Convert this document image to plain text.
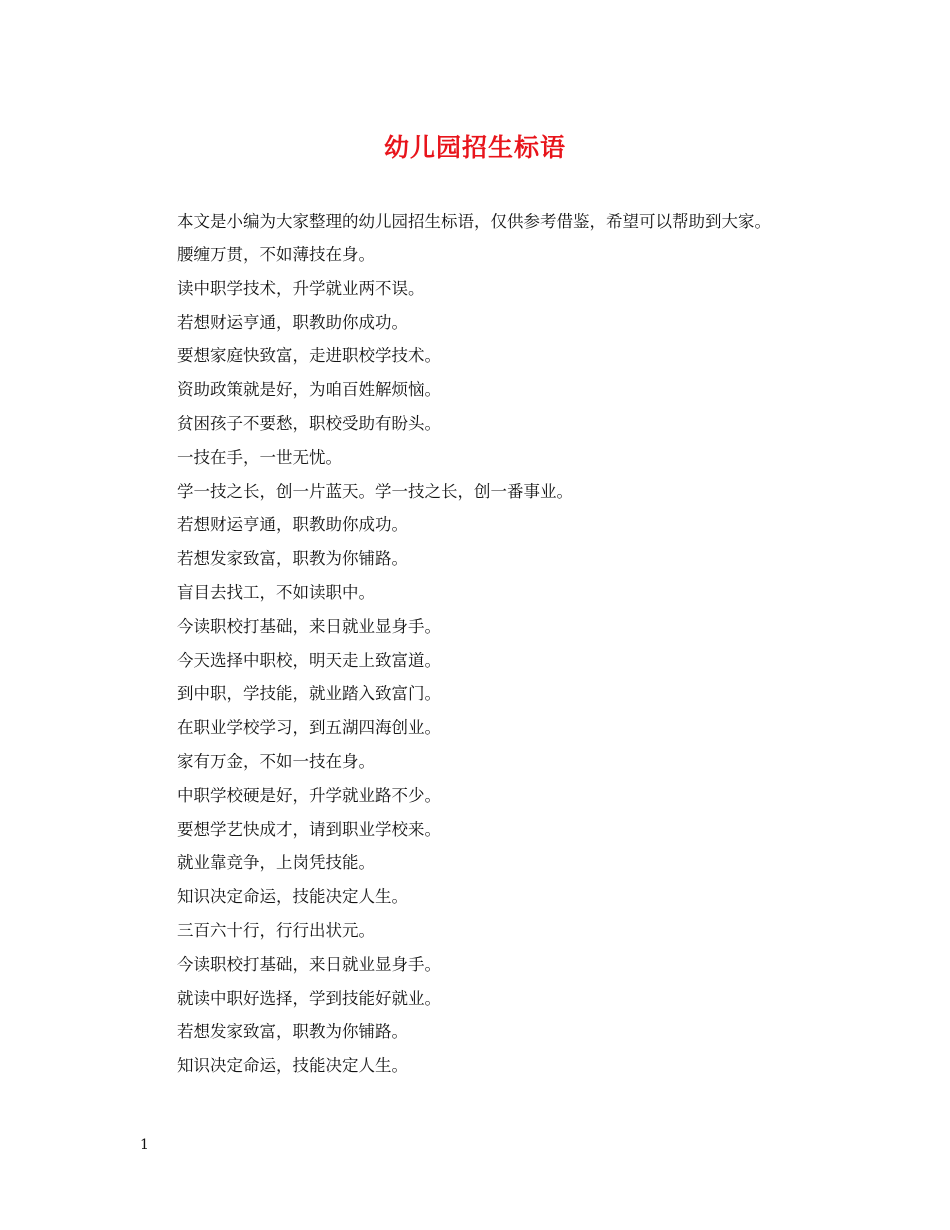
幼儿园招生标语

本文是小编为大家整理的幼儿园招生标语，仅供参考借鉴，希望可以帮助到大家。

腰缠万贯，不如薄技在身。
读中职学技术，升学就业两不误。
若想财运亨通，职教助你成功。
要想家庭快致富，走进职校学技术。
资助政策就是好，为咱百姓解烦恼。
贫困孩子不要愁，职校受助有盼头。
一技在手，一世无忧。
学一技之长，创一片蓝天。学一技之长，创一番事业。
若想财运亨通，职教助你成功。
若想发家致富，职教为你铺路。
盲目去找工，不如读职中。
今读职校打基础，来日就业显身手。
今天选择中职校，明天走上致富道。
到中职，学技能，就业踏入致富门。
在职业学校学习，到五湖四海创业。
家有万金，不如一技在身。
中职学校硬是好，升学就业路不少。
要想学艺快成才，请到职业学校来。
就业靠竞争，上岗凭技能。
知识决定命运，技能决定人生。
三百六十行，行行出状元。
今读职校打基础，来日就业显身手。
就读中职好选择，学到技能好就业。
若想发家致富，职教为你铺路。
知识决定命运，技能决定人生。
1
